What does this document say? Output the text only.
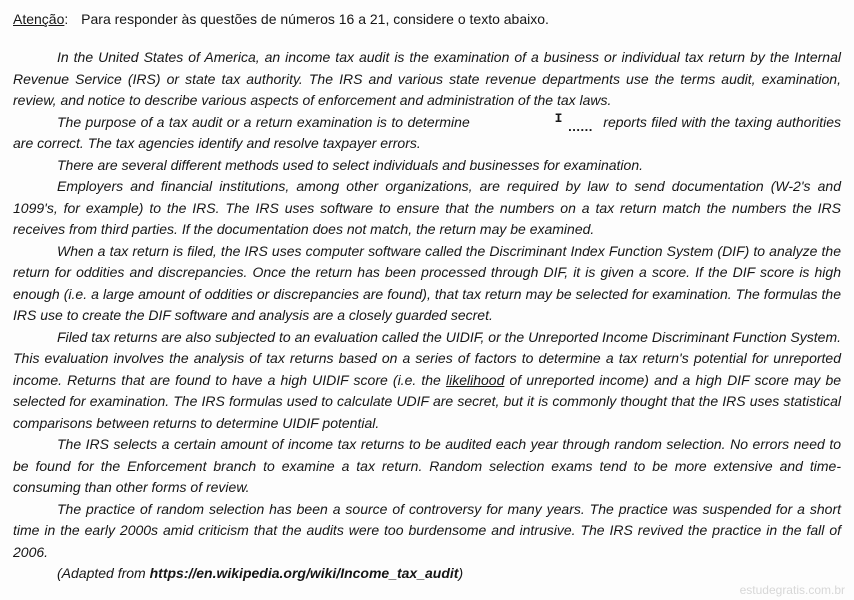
Atenção: Para responder às questões de números 16 a 21, considere o texto abaixo.

In the United States of America, an income tax audit is the examination of a business or individual tax return by the Internal Revenue Service (IRS) or state tax authority. The IRS and various state revenue departments use the terms audit, examination, review, and notice to describe various aspects of enforcement and administration of the tax laws.

The purpose of a tax audit or a return examination is to determine	I ...... reports filed with the taxing authorities are correct. The tax agencies identify and resolve taxpayer errors.

There are several different methods used to select individuals and businesses for examination.

Employers and financial institutions, among other organizations, are required by law to send documentation (W-2's and 1099's, for example) to the IRS. The IRS uses software to ensure that the numbers on a tax return match the numbers the IRS receives from third parties. If the documentation does not match, the return may be examined.

When a tax return is filed, the IRS uses computer software called the Discriminant Index Function System (DIF) to analyze the return for oddities and discrepancies. Once the return has been processed through DIF, it is given a score. If the DIF score is high enough (i.e. a large amount of oddities or discrepancies are found), that tax return may be selected for examination. The formulas the IRS use to create the DIF software and analysis are a closely guarded secret.

Filed tax returns are also subjected to an evaluation called the UIDIF, or the Unreported Income Discriminant Function System. This evaluation involves the analysis of tax returns based on a series of factors to determine a tax return's potential for unreported income. Returns that are found to have a high UIDIF score (i.e. the likelihood of unreported income) and a high DIF score may be selected for examination. The IRS formulas used to calculate UDIF are secret, but it is commonly thought that the IRS uses statistical comparisons between returns to determine UIDIF potential.

The IRS selects a certain amount of income tax returns to be audited each year through random selection. No errors need to be found for the Enforcement branch to examine a tax return. Random selection exams tend to be more extensive and time-consuming than other forms of review.

The practice of random selection has been a source of controversy for many years. The practice was suspended for a short time in the early 2000s amid criticism that the audits were too burdensome and intrusive. The IRS revived the practice in the fall of 2006.

(Adapted from https://en.wikipedia.org/wiki/Income_tax_audit)

estudegratis.com.br
